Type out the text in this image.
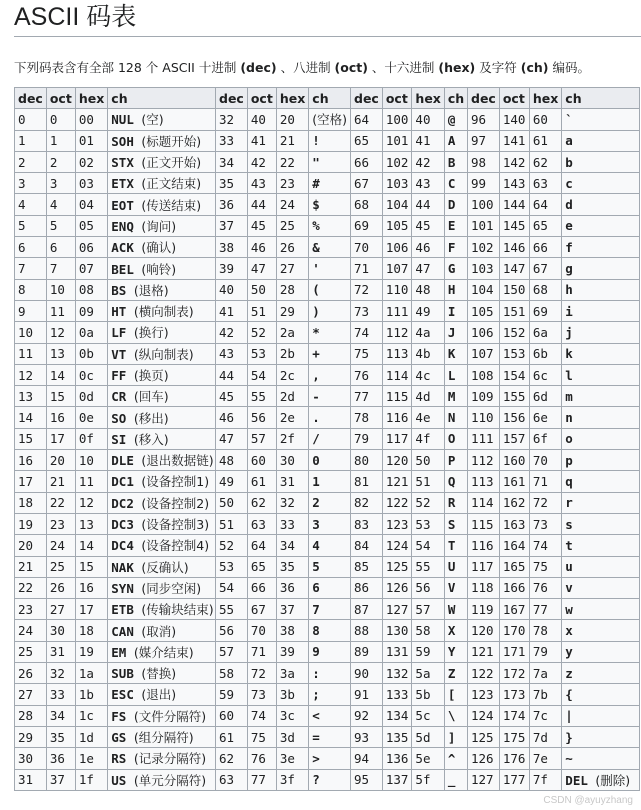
ASCII 码表

下列码表含有全部 128 个 ASCII 十进制 (dec) 、八进制 (oct) 、十六进制 (hex) 及字符 (ch) 编码。

dec	oct	hex	ch
0	0	00	NUL (空)
1	1	01	SOH (标题开始)
2	2	02	STX (正文开始)
3	3	03	ETX (正文结束)
4	4	04	EOT (传送结束)
5	5	05	ENQ (询问)
6	6	06	ACK (确认)
7	7	07	BEL (响铃)
8	10	08	BS (退格)
9	11	09	HT (横向制表)
10	12	0a	LF (换行)
11	13	0b	VT (纵向制表)
12	14	0c	FF (换页)
13	15	0d	CR (回车)
14	16	0e	SO (移出)
15	17	0f	SI (移入)
16	20	10	DLE (退出数据链)
17	21	11	DC1 (设备控制1)
18	22	12	DC2 (设备控制2)
19	23	13	DC3 (设备控制3)
20	24	14	DC4 (设备控制4)
21	25	15	NAK (反确认)
22	26	16	SYN (同步空闲)
23	27	17	ETB (传输块结束)
24	30	18	CAN (取消)
25	31	19	EM (媒介结束)
26	32	1a	SUB (替换)
27	33	1b	ESC (退出)
28	34	1c	FS (文件分隔符)
29	35	1d	GS (组分隔符)
30	36	1e	RS (记录分隔符)
31	37	1f	US (单元分隔符)
dec	oct	hex	ch
32	40	20	(空格)
33	41	21	!
34	42	22	"
35	43	23	#
36	44	24	$
37	45	25	%
38	46	26	&
39	47	27	'
40	50	28	(
41	51	29	)
42	52	2a	*
43	53	2b	+
44	54	2c	,
45	55	2d	-
46	56	2e	.
47	57	2f	/
48	60	30	0
49	61	31	1
50	62	32	2
51	63	33	3
52	64	34	4
53	65	35	5
54	66	36	6
55	67	37	7
56	70	38	8
57	71	39	9
58	72	3a	:
59	73	3b	;
60	74	3c	<
61	75	3d	=
62	76	3e	>
63	77	3f	?
dec	oct	hex	ch
64	100	40	@
65	101	41	A
66	102	42	B
67	103	43	C
68	104	44	D
69	105	45	E
70	106	46	F
71	107	47	G
72	110	48	H
73	111	49	I
74	112	4a	J
75	113	4b	K
76	114	4c	L
77	115	4d	M
78	116	4e	N
79	117	4f	O
80	120	50	P
81	121	51	Q
82	122	52	R
83	123	53	S
84	124	54	T
85	125	55	U
86	126	56	V
87	127	57	W
88	130	58	X
89	131	59	Y
90	132	5a	Z
91	133	5b	[
92	134	5c	\
93	135	5d	]
94	136	5e	^
95	137	5f	_
dec	oct	hex	ch
96	140	60	`
97	141	61	a
98	142	62	b
99	143	63	c
100	144	64	d
101	145	65	e
102	146	66	f
103	147	67	g
104	150	68	h
105	151	69	i
106	152	6a	j
107	153	6b	k
108	154	6c	l
109	155	6d	m
110	156	6e	n
111	157	6f	o
112	160	70	p
113	161	71	q
114	162	72	r
115	163	73	s
116	164	74	t
117	165	75	u
118	166	76	v
119	167	77	w
120	170	78	x
121	171	79	y
122	172	7a	z
123	173	7b	{
124	174	7c	|
125	175	7d	}
126	176	7e	~
127	177	7f	DEL (删除)
CSDN @ayuyzhang
